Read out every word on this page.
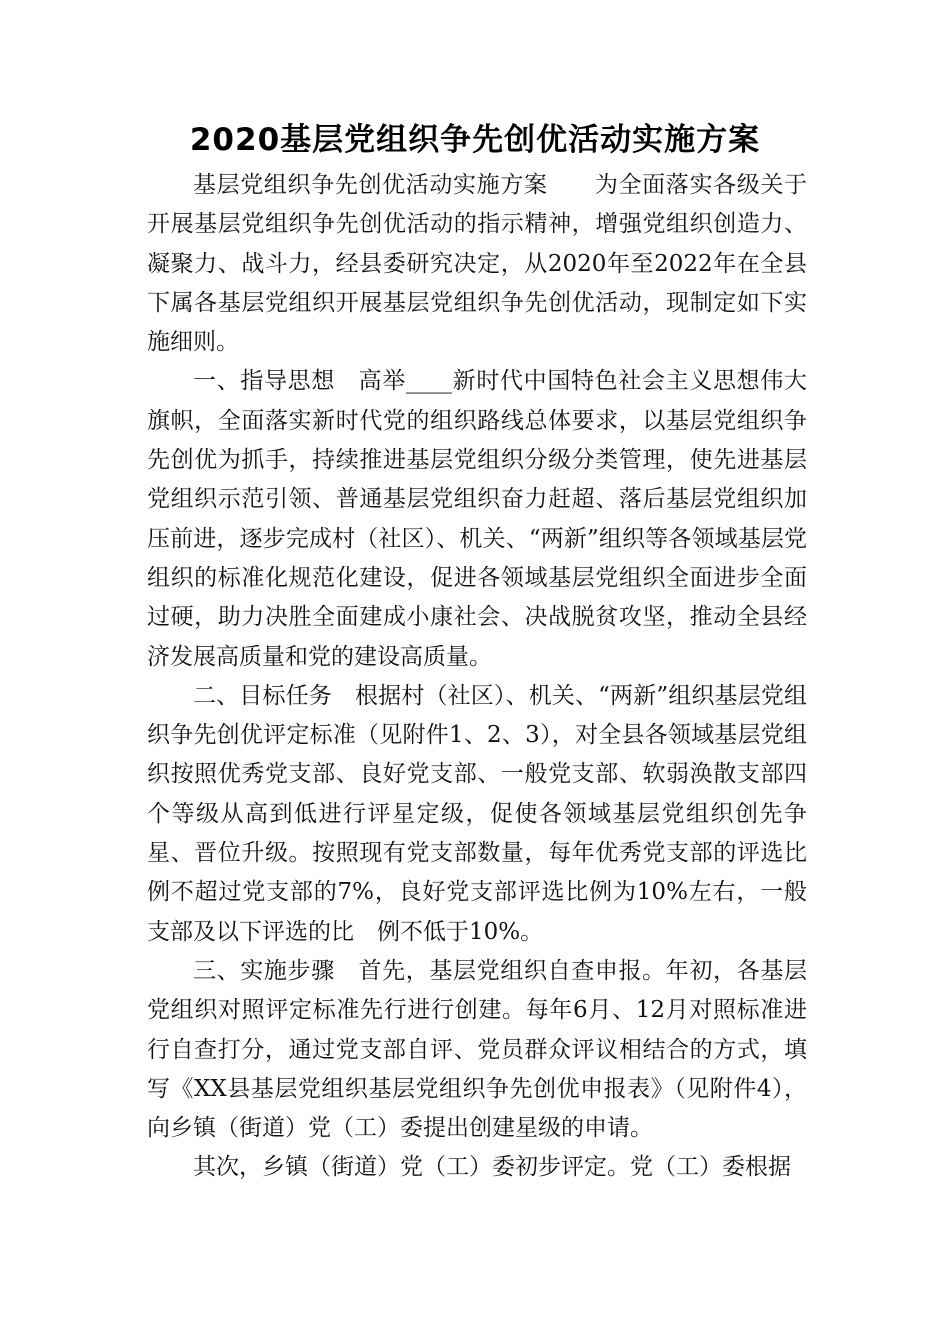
2020基层党组织争先创优活动实施方案

基层党组织争先创优活动实施方案　　为全面落实各级关于开展基层党组织争先创优活动的指示精神，增强党组织创造力、凝聚力、战斗力，经县委研究决定，从2020年至2022年在全县下属各基层党组织开展基层党组织争先创优活动，现制定如下实施细则。

一、指导思想　高举____新时代中国特色社会主义思想伟大旗帜，全面落实新时代党的组织路线总体要求，以基层党组织争先创优为抓手，持续推进基层党组织分级分类管理，使先进基层党组织示范引领、普通基层党组织奋力赶超、落后基层党组织加压前进，逐步完成村（社区）、机关、“两新”组织等各领域基层党组织的标准化规范化建设，促进各领域基层党组织全面进步全面过硬，助力决胜全面建成小康社会、决战脱贫攻坚，推动全县经济发展高质量和党的建设高质量。

二、目标任务　根据村（社区）、机关、“两新”组织基层党组织争先创优评定标准（见附件1、2、3），对全县各领域基层党组织按照优秀党支部、良好党支部、一般党支部、软弱涣散支部四个等级从高到低进行评星定级，促使各领域基层党组织创先争星、晋位升级。按照现有党支部数量，每年优秀党支部的评选比例不超过党支部的7%，良好党支部评选比例为10%左右，一般支部及以下评选的比　例不低于10%。

三、实施步骤　首先，基层党组织自查申报。年初，各基层党组织对照评定标准先行进行创建。每年6月、12月对照标准进行自查打分，通过党支部自评、党员群众评议相结合的方式，填写《XX县基层党组织基层党组织争先创优申报表》（见附件4），向乡镇（街道）党（工）委提出创建星级的申请。

其次，乡镇（街道）党（工）委初步评定。党（工）委根据
